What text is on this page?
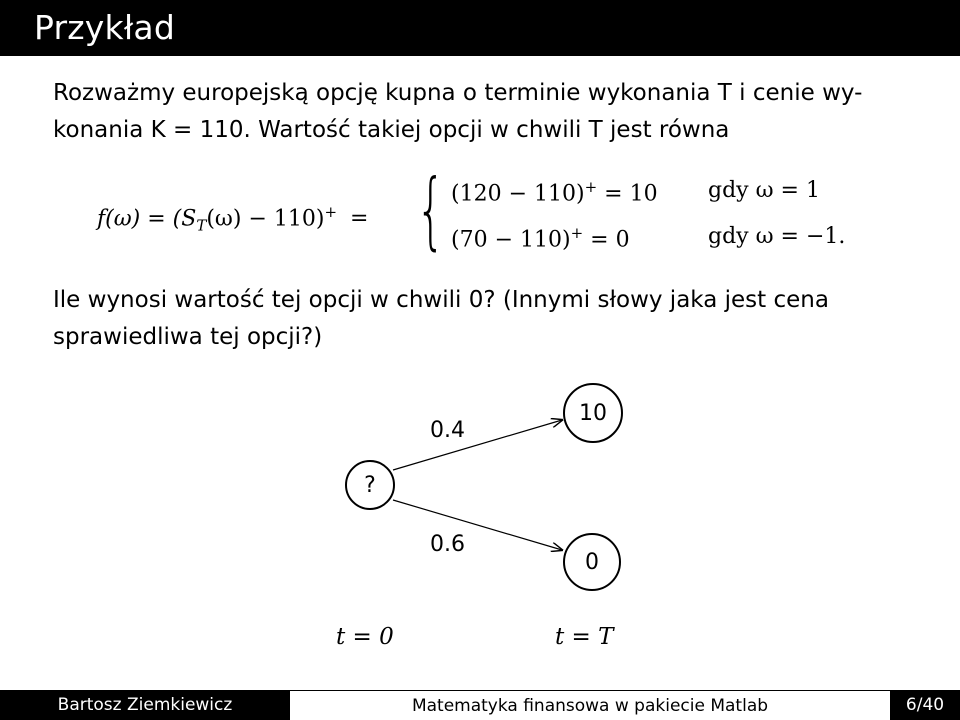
Przykład
Rozważmy europejską opcję kupna o terminie wykonania T i cenie wy-
konania K = 110. Wartość takiej opcji w chwili T jest równa
$f(\omega) = (S_T(\omega) - 110)^+$ = { (120 − 110)+ = 10 gdy ω = 1
(70 − 110)+ = 0	gdy ω = −1.
Ile wynosi wartość tej opcji w chwili 0? (Innymi słowy jaka jest cena
sprawiedliwa tej opcji?)
?
10
0
0.4
0.6
t = 0	t = T
Bartosz Ziemkiewicz	Matematyka finansowa w pakiecie Matlab	6/40
